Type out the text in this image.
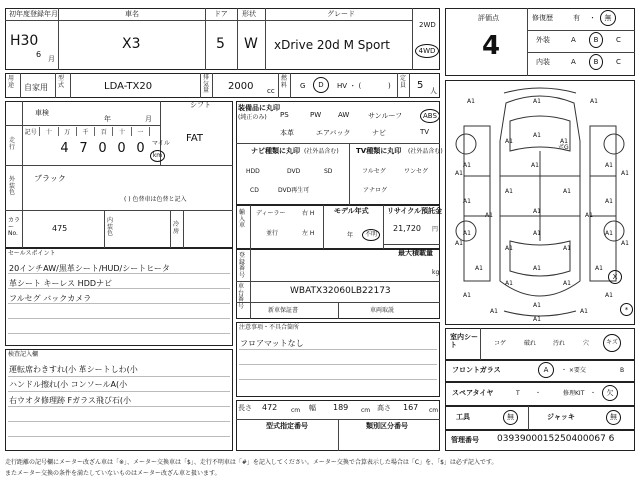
初年度登録年月
H30
6 月
車名
X3
ドア
5
形状
W
グレード
xDrive 20d M Sport
2WD
4WD
用途 自家用
型式	LDA-TX20
排気量 2000 cc
燃料 G	D	HV ・ (	)
定員 5 人
車検
年	月
シフト
FAT
走行
記号	十	万	千	百	十	一
4 7 0 0 0	マイル
km
外装色
ブラック
( ) 色替車は色替と記入
カラーNo.
475
内装色
冷房
装備品に丸印
(純正のみ) PS	PW AW	サンルーフ	ABS
本革	エアバック	ナビ	TV
ナビ種類に丸印 (社外品含む)
HDD	DVD	SD
CD	DVD再生可
TV種類に丸印 (社外品含む)
フルセグ	ワンセグ
アナログ
輸入車
ディーラー
並行
右 H
左 H
モデル年式
年	不明
リサイクル預託金
21,720 円
セールスポイント
20インチAW/黒革シート/HUD/シートヒータ
革シート キーレス HDDナビ
フルセグ バックカメラ
最大積載量
kg
登録番号
車台番号
WBATX32060LB22173
新車保証書	車両取説
検査記入欄
運転席わきすれ(小 革シートしわ(小
ハンドル擦れ(小 コンソールA(小
右ウオタ修理跡 Fガラス飛び石(小
注意事項・不具合箇所
フロアマットなし
長さ 472 cm 幅 189 cm 高さ 167 cm
型式指定番号	類別区分番号
評価点
4
修復歴	有 ・	無
外装	A	B	C
内装	A	B	C
A1	A1	A1
A1
A1	A1
A1	A1
A1
A1	A1
A1	A1
A1
A1	A1
A1	A1
A1
A1	A1
A1	A1
A1
A1	A1
A1	A1
A1
A1	A1
A1
A1	A1
A1	A1
ポG
X
*
室内シート	コゲ	破れ	汚れ	穴	キズ
フロントガラス	A	・ ×要交	B
スペアタイヤ	T	・	修理KIT ・	欠
工具	無	ジャッキ	無
管理番号 0393900015250400067 6
走行距離の記号欄にメーター改ざん車は「※」、メーター交換車は「$」、走行不明車は「#」を記入してください。メーター交換で合算表示した場合は「C」を、「$」は必ず記入です。
またメーター交換の条件を満たしていないものはメーター改ざん車と扱います。
